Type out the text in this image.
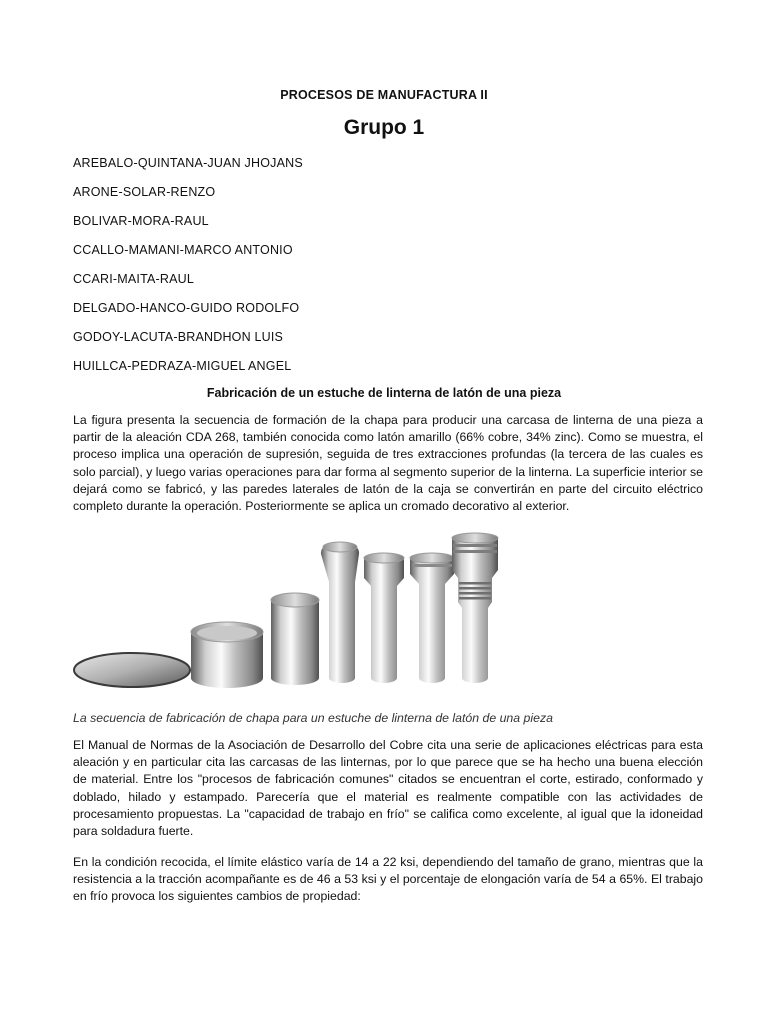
PROCESOS DE MANUFACTURA II
Grupo 1
AREBALO-QUINTANA-JUAN JHOJANS
ARONE-SOLAR-RENZO
BOLIVAR-MORA-RAUL
CCALLO-MAMANI-MARCO ANTONIO
CCARI-MAITA-RAUL
DELGADO-HANCO-GUIDO RODOLFO
GODOY-LACUTA-BRANDHON LUIS
HUILLCA-PEDRAZA-MIGUEL ANGEL
Fabricación de un estuche de linterna de latón de una pieza

La figura presenta la secuencia de formación de la chapa para producir una carcasa de linterna de una pieza a partir de la aleación CDA 268, también conocida como latón amarillo (66% cobre, 34% zinc). Como se muestra, el proceso implica una operación de supresión, seguida de tres extracciones profundas (la tercera de las cuales es solo parcial), y luego varias operaciones para dar forma al segmento superior de la linterna. La superficie interior se dejará como se fabricó, y las paredes laterales de latón de la caja se convertirán en parte del circuito eléctrico completo durante la operación. Posteriormente se aplica un cromado decorativo al exterior.

La secuencia de fabricación de chapa para un estuche de linterna de latón de una pieza

El Manual de Normas de la Asociación de Desarrollo del Cobre cita una serie de aplicaciones eléctricas para esta aleación y en particular cita las carcasas de las linternas, por lo que parece que se ha hecho una buena elección de material. Entre los "procesos de fabricación comunes" citados se encuentran el corte, estirado, conformado y doblado, hilado y estampado. Parecería que el material es realmente compatible con las actividades de procesamiento propuestas. La "capacidad de trabajo en frío" se califica como excelente, al igual que la idoneidad para soldadura fuerte.

En la condición recocida, el límite elástico varía de 14 a 22 ksi, dependiendo del tamaño de grano, mientras que la resistencia a la tracción acompañante es de 46 a 53 ksi y el porcentaje de elongación varía de 54 a 65%. El trabajo en frío provoca los siguientes cambios de propiedad:
